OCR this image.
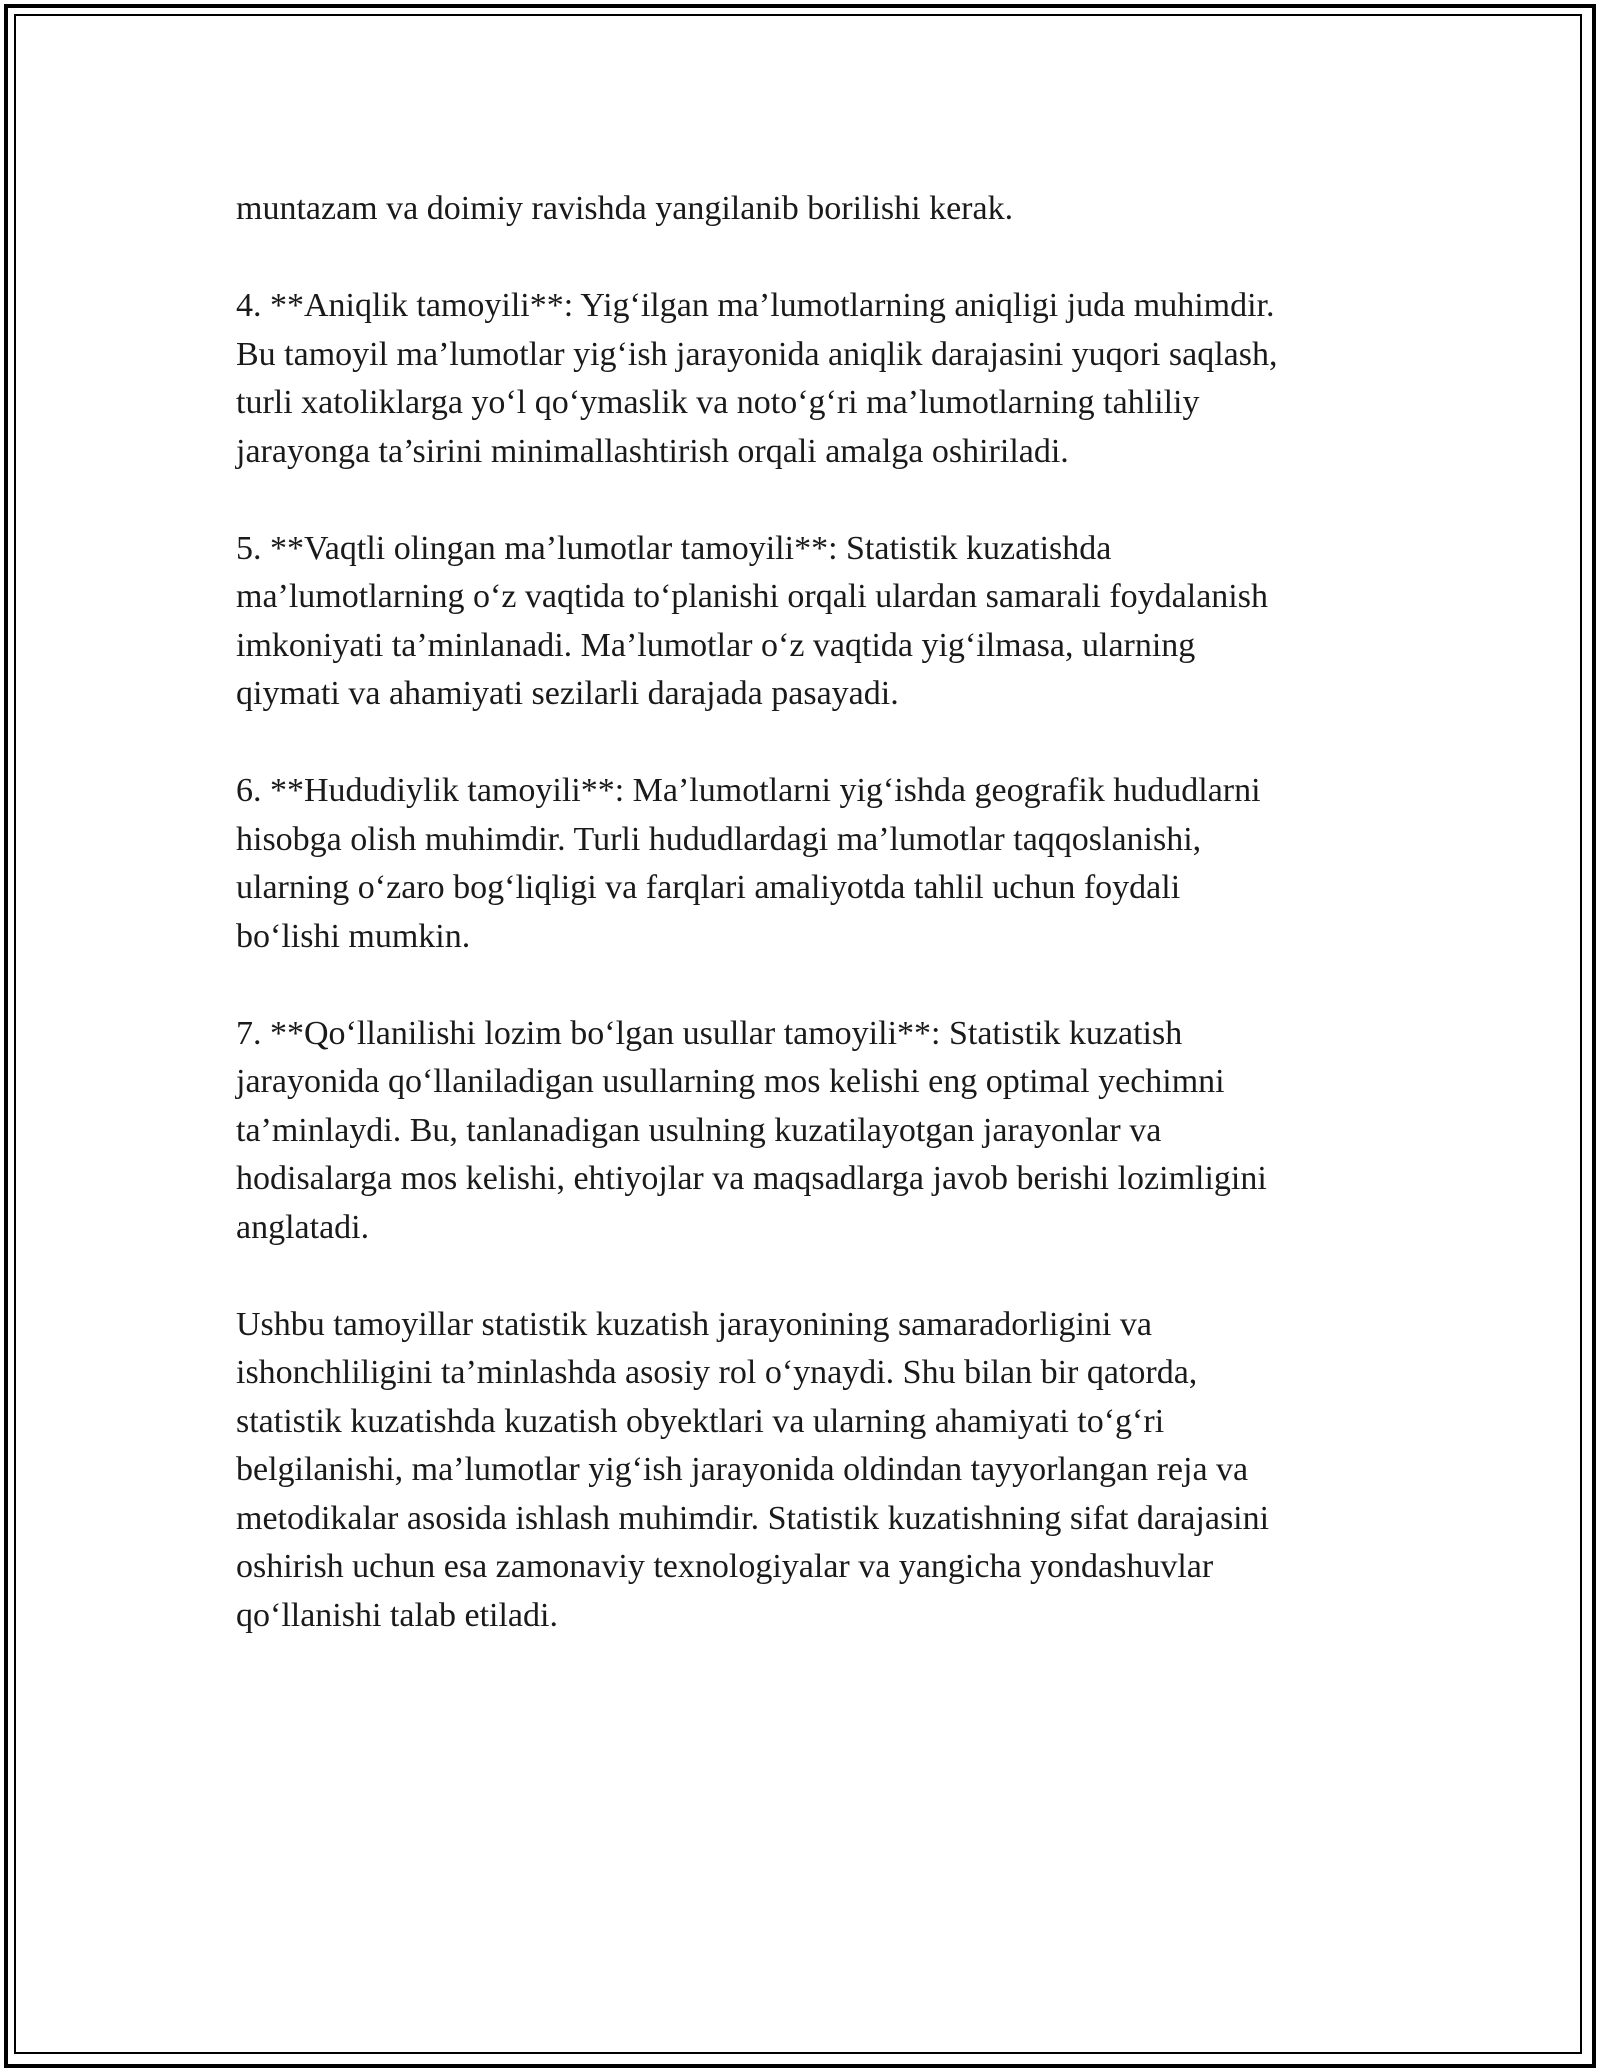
muntazam va doimiy ravishda yangilanib borilishi kerak.

4. **Aniqlik tamoyili**: Yig‘ilgan ma’lumotlarning aniqligi juda muhimdir.
Bu tamoyil ma’lumotlar yig‘ish jarayonida aniqlik darajasini yuqori saqlash,
turli xatoliklarga yo‘l qo‘ymaslik va noto‘g‘ri ma’lumotlarning tahliliy
jarayonga ta’sirini minimallashtirish orqali amalga oshiriladi.

5. **Vaqtli olingan ma’lumotlar tamoyili**: Statistik kuzatishda
ma’lumotlarning o‘z vaqtida to‘planishi orqali ulardan samarali foydalanish
imkoniyati ta’minlanadi. Ma’lumotlar o‘z vaqtida yig‘ilmasa, ularning
qiymati va ahamiyati sezilarli darajada pasayadi.

6. **Hududiylik tamoyili**: Ma’lumotlarni yig‘ishda geografik hududlarni
hisobga olish muhimdir. Turli hududlardagi ma’lumotlar taqqoslanishi,
ularning o‘zaro bog‘liqligi va farqlari amaliyotda tahlil uchun foydali
bo‘lishi mumkin.

7. **Qo‘llanilishi lozim bo‘lgan usullar tamoyili**: Statistik kuzatish
jarayonida qo‘llaniladigan usullarning mos kelishi eng optimal yechimni
ta’minlaydi. Bu, tanlanadigan usulning kuzatilayotgan jarayonlar va
hodisalarga mos kelishi, ehtiyojlar va maqsadlarga javob berishi lozimligini
anglatadi.

Ushbu tamoyillar statistik kuzatish jarayonining samaradorligini va
ishonchliligini ta’minlashda asosiy rol o‘ynaydi. Shu bilan bir qatorda,
statistik kuzatishda kuzatish obyektlari va ularning ahamiyati to‘g‘ri
belgilanishi, ma’lumotlar yig‘ish jarayonida oldindan tayyorlangan reja va
metodikalar asosida ishlash muhimdir. Statistik kuzatishning sifat darajasini
oshirish uchun esa zamonaviy texnologiyalar va yangicha yondashuvlar
qo‘llanishi talab etiladi.
